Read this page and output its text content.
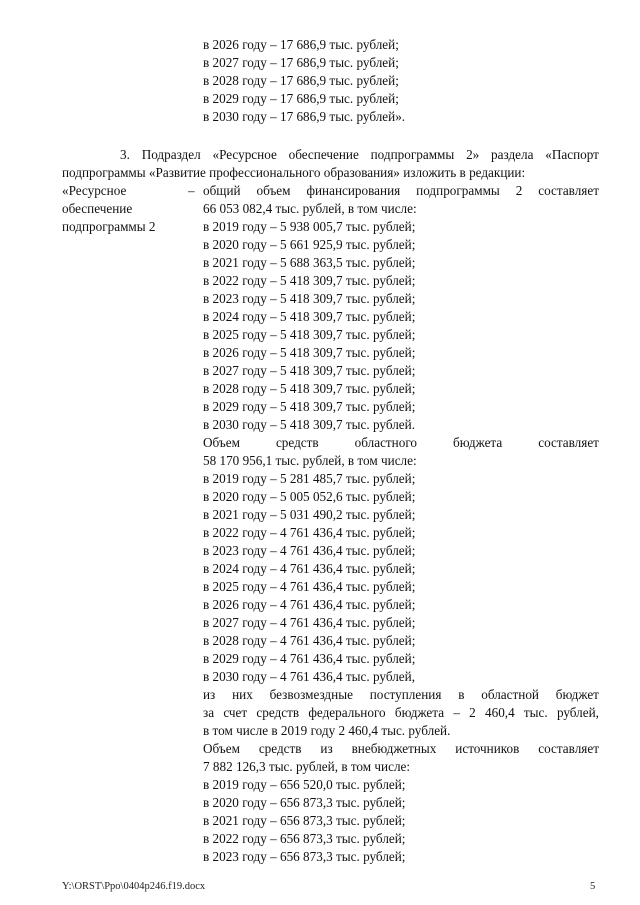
в 2026 году – 17 686,9 тыс. рублей;
в 2027 году – 17 686,9 тыс. рублей;
в 2028 году – 17 686,9 тыс. рублей;
в 2029 году – 17 686,9 тыс. рублей;
в 2030 году – 17 686,9 тыс. рублей».
3. Подраздел «Ресурсное обеспечение подпрограммы 2» раздела «Паспорт
подпрограммы «Развитие профессионального образования» изложить в редакции:
«Ресурсное
обеспечение
подпрограммы 2
– общий объем финансирования подпрограммы 2 составляет
66 053 082,4 тыс. рублей, в том числе:
в 2019 году – 5 938 005,7 тыс. рублей;
в 2020 году – 5 661 925,9 тыс. рублей;
в 2021 году – 5 688 363,5 тыс. рублей;
в 2022 году – 5 418 309,7 тыс. рублей;
в 2023 году – 5 418 309,7 тыс. рублей;
в 2024 году – 5 418 309,7 тыс. рублей;
в 2025 году – 5 418 309,7 тыс. рублей;
в 2026 году – 5 418 309,7 тыс. рублей;
в 2027 году – 5 418 309,7 тыс. рублей;
в 2028 году – 5 418 309,7 тыс. рублей;
в 2029 году – 5 418 309,7 тыс. рублей;
в 2030 году – 5 418 309,7 тыс. рублей.
Объем	средств	областного	бюджета	составляет
58 170 956,1 тыс. рублей, в том числе:
в 2019 году – 5 281 485,7 тыс. рублей;
в 2020 году – 5 005 052,6 тыс. рублей;
в 2021 году – 5 031 490,2 тыс. рублей;
в 2022 году – 4 761 436,4 тыс. рублей;
в 2023 году – 4 761 436,4 тыс. рублей;
в 2024 году – 4 761 436,4 тыс. рублей;
в 2025 году – 4 761 436,4 тыс. рублей;
в 2026 году – 4 761 436,4 тыс. рублей;
в 2027 году – 4 761 436,4 тыс. рублей;
в 2028 году – 4 761 436,4 тыс. рублей;
в 2029 году – 4 761 436,4 тыс. рублей;
в 2030 году – 4 761 436,4 тыс. рублей,
из них безвозмездные поступления в областной бюджет
за счет средств федерального бюджета – 2 460,4 тыс. рублей,
в том числе в 2019 году 2 460,4 тыс. рублей.
Объем средств из внебюджетных источников составляет
7 882 126,3 тыс. рублей, в том числе:
в 2019 году – 656 520,0 тыс. рублей;
в 2020 году – 656 873,3 тыс. рублей;
в 2021 году – 656 873,3 тыс. рублей;
в 2022 году – 656 873,3 тыс. рублей;
в 2023 году – 656 873,3 тыс. рублей;
Y:\ORST\Ppo\0404p246.f19.docx	5
